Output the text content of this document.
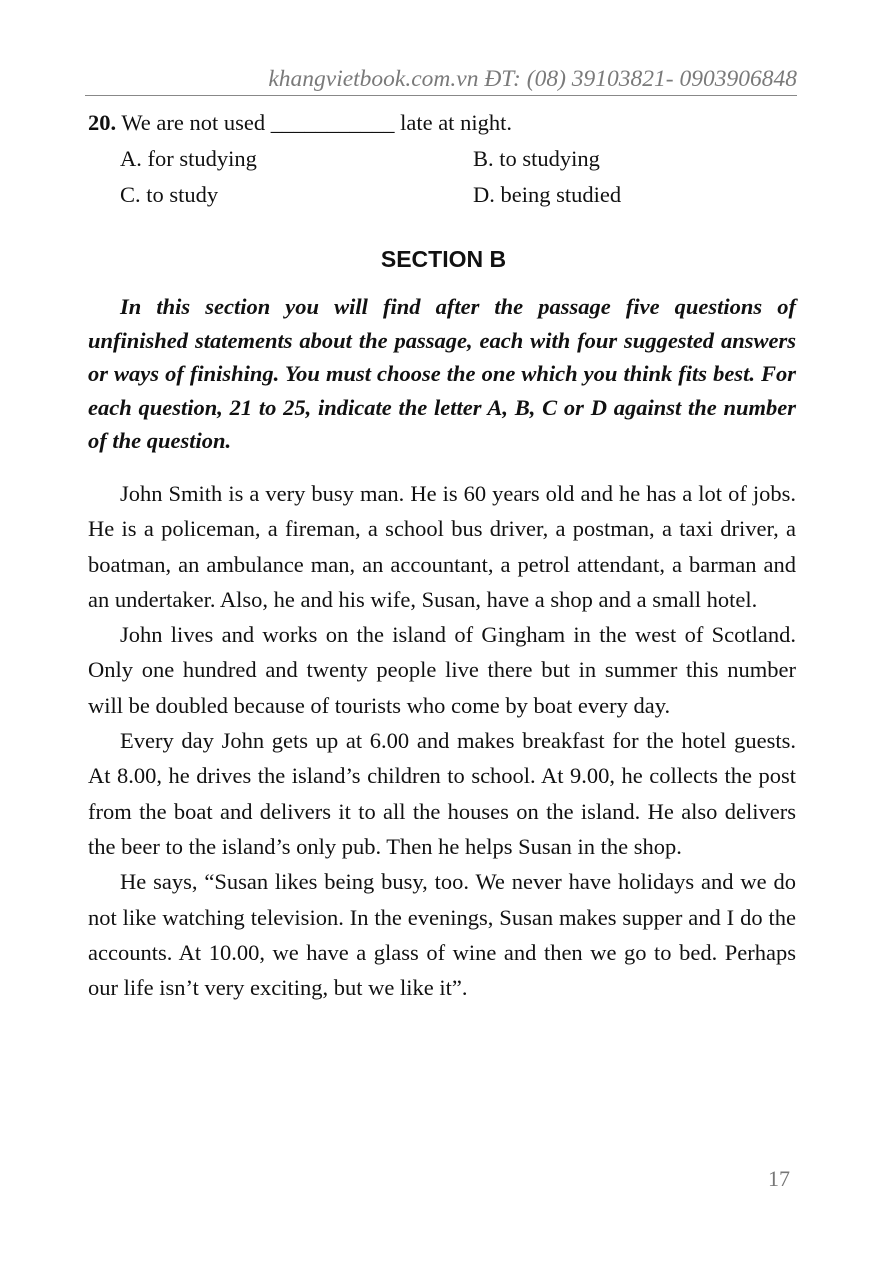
khangvietbook.com.vn ĐT: (08) 39103821- 0903906848
20. We are not used ___________ late at night.
A. for studying	B. to studying
C. to study	D. being studied
SECTION B

In this section you will find after the passage five questions of unfinished statements about the passage, each with four suggested answers or ways of finishing. You must choose the one which you think fits best. For each question, 21 to 25, indicate the letter A, B, C or D against the number of the question.

John Smith is a very busy man. He is 60 years old and he has a lot of jobs. He is a policeman, a fireman, a school bus driver, a postman, a taxi driver, a boatman, an ambulance man, an accountant, a petrol attendant, a barman and an undertaker. Also, he and his wife, Susan, have a shop and a small hotel.

John lives and works on the island of Gingham in the west of Scotland. Only one hundred and twenty people live there but in summer this number will be doubled because of tourists who come by boat every day.

Every day John gets up at 6.00 and makes breakfast for the hotel guests. At 8.00, he drives the island’s children to school. At 9.00, he collects the post from the boat and delivers it to all the houses on the island. He also delivers the beer to the island’s only pub. Then he helps Susan in the shop.

He says, “Susan likes being busy, too. We never have holidays and we do not like watching television. In the evenings, Susan makes supper and I do the accounts. At 10.00, we have a glass of wine and then we go to bed. Perhaps our life isn’t very exciting, but we like it”.

17
